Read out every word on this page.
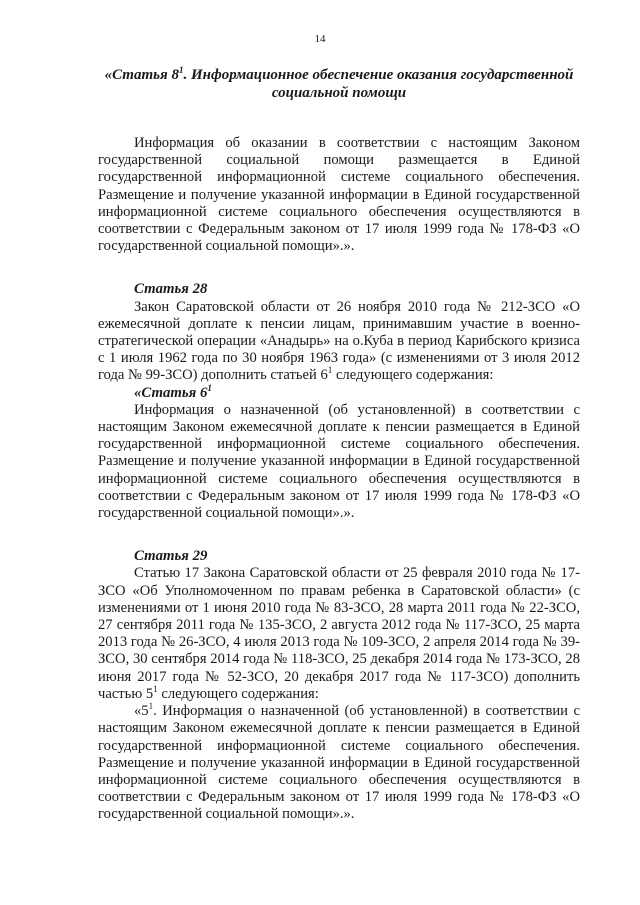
14
«Статья $8^1$. Информационное обеспечение оказания государственной
социальной помощи

Информация об оказании в соответствии с настоящим Законом государственной социальной помощи размещается в Единой государственной информационной системе социального обеспечения. Размещение и получение указанной информации в Единой государственной информационной системе социального обеспечения осуществляются в соответствии с Федеральным законом от 17 июля 1999 года № 178-ФЗ «О государственной социальной помощи».».

Статья 28

Закон Саратовской области от 26 ноября 2010 года № 212-ЗСО «О ежемесячной доплате к пенсии лицам, принимавшим участие в военно-стратегической операции «Анадырь» на о.Куба в период Карибского кризиса с 1 июля 1962 года по 30 ноября 1963 года» (с изменениями от 3 июля 2012 года № 99-ЗСО) дополнить статьей $6^1$ следующего содержания:

«Статья $6^1$

Информация о назначенной (об установленной) в соответствии с настоящим Законом ежемесячной доплате к пенсии размещается в Единой государственной информационной системе социального обеспечения. Размещение и получение указанной информации в Единой государственной информационной системе социального обеспечения осуществляются в соответствии с Федеральным законом от 17 июля 1999 года № 178-ФЗ «О государственной социальной помощи».».

Статья 29

Статью 17 Закона Саратовской области от 25 февраля 2010 года № 17-ЗСО «Об Уполномоченном по правам ребенка в Саратовской области» (с изменениями от 1 июня 2010 года № 83-ЗСО, 28 марта 2011 года № 22-ЗСО, 27 сентября 2011 года № 135-ЗСО, 2 августа 2012 года № 117-ЗСО, 25 марта 2013 года № 26-ЗСО, 4 июля 2013 года № 109-ЗСО, 2 апреля 2014 года № 39-ЗСО, 30 сентября 2014 года № 118-ЗСО, 25 декабря 2014 года № 173-ЗСО, 28 июня 2017 года № 52-ЗСО, 20 декабря 2017 года № 117-ЗСО) дополнить частью $5^1$ следующего содержания:

«$5^1$. Информация о назначенной (об установленной) в соответствии с настоящим Законом ежемесячной доплате к пенсии размещается в Единой государственной информационной системе социального обеспечения. Размещение и получение указанной информации в Единой государственной информационной системе социального обеспечения осуществляются в соответствии с Федеральным законом от 17 июля 1999 года № 178-ФЗ «О государственной социальной помощи».».
